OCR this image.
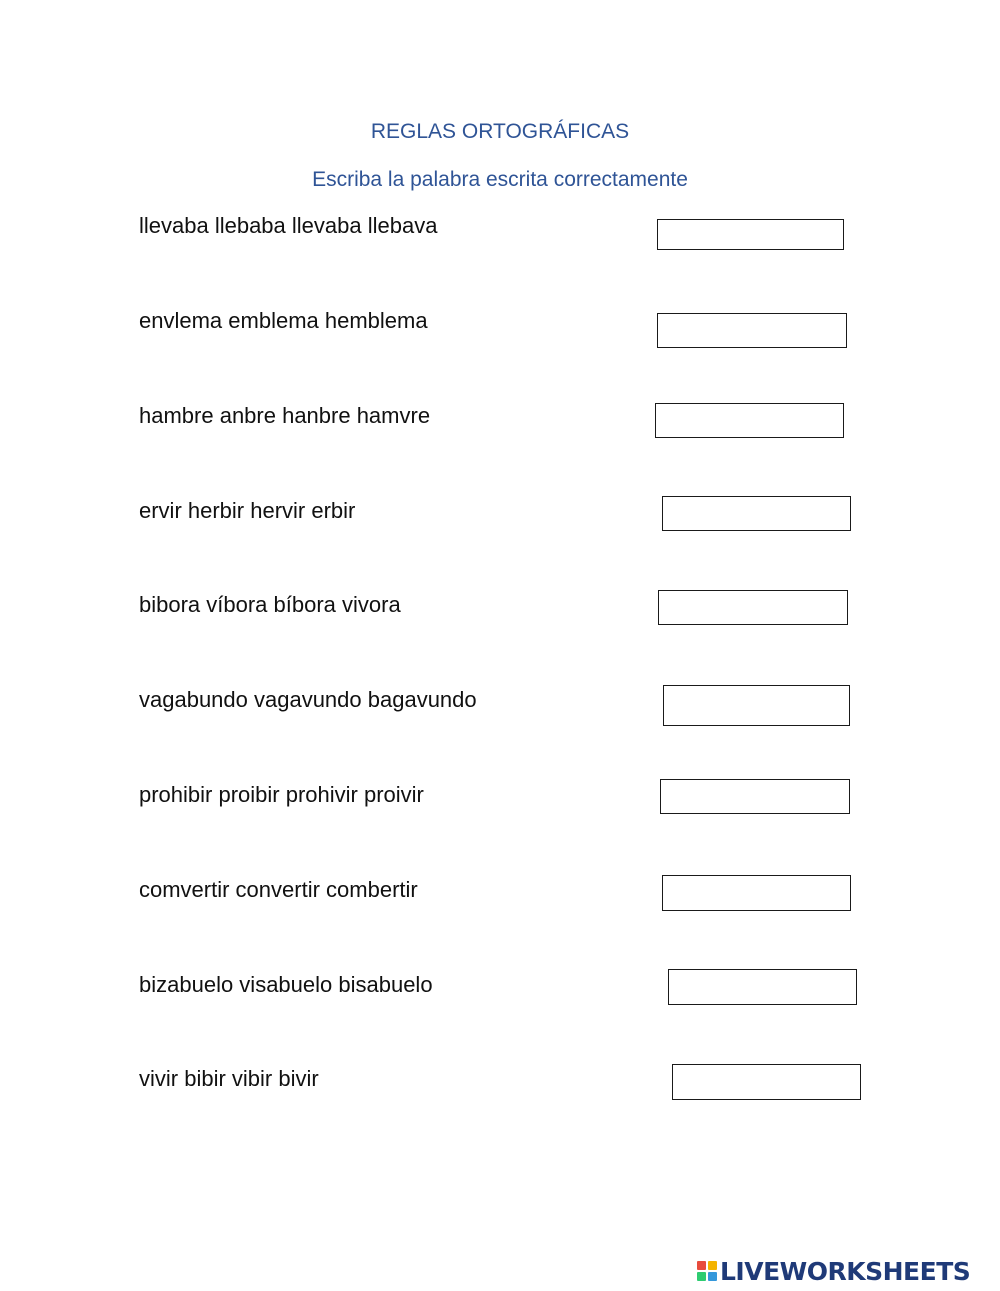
REGLAS ORTOGRÁFICAS
Escriba la palabra escrita correctamente
llevaba llebaba llevaba llebava
envlema emblema hemblema
hambre anbre hanbre hamvre
ervir herbir hervir erbir
bibora víbora bíbora vivora
vagabundo vagavundo bagavundo
prohibir proibir prohivir proivir
comvertir convertir combertir
bizabuelo visabuelo bisabuelo
vivir bibir vibir bivir
LIVEWORKSHEETS
